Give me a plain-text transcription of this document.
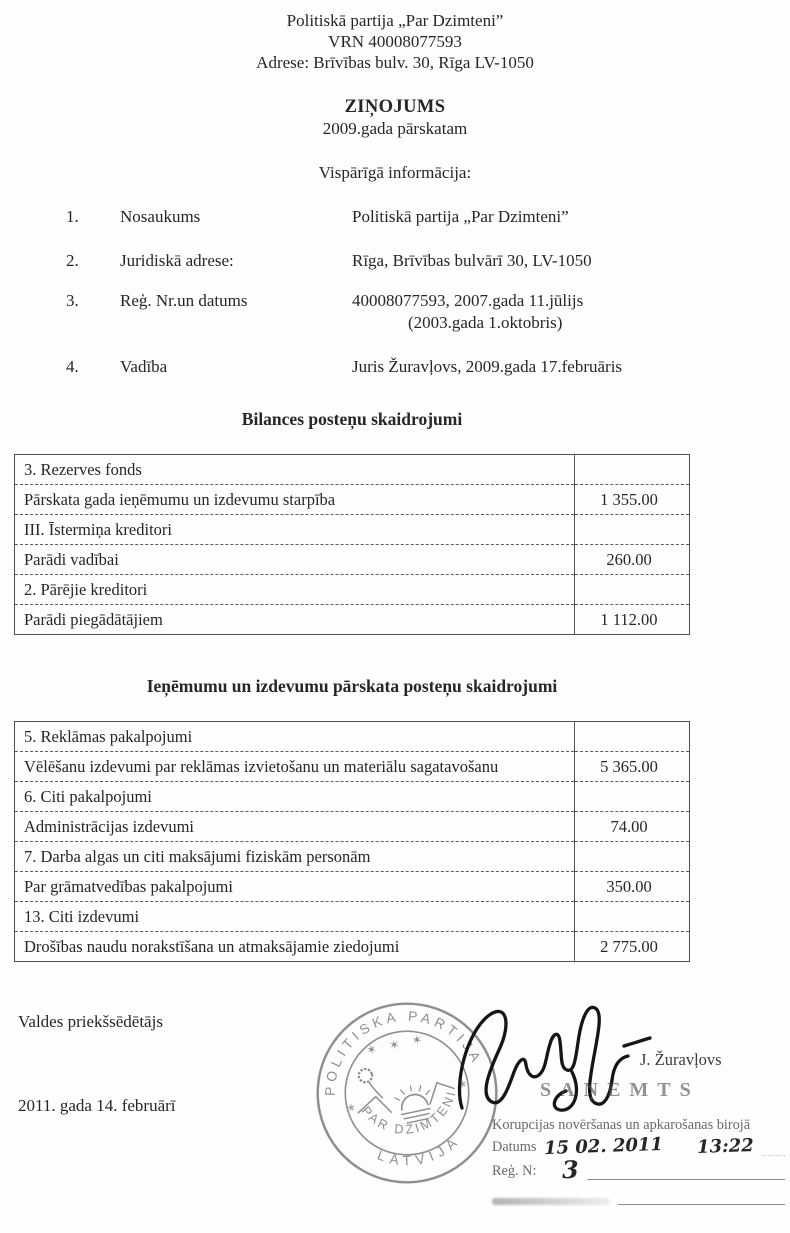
Politiskā partija „Par Dzimteni”
VRN 40008077593
Adrese: Brīvības bulv. 30, Rīga LV-1050
ZIŅOJUMS
2009.gada pārskatam
Vispārīgā informācija:
1.	Nosaukums	Politiskā partija „Par Dzimteni”
2.	Juridiskā adrese:	Rīga, Brīvības bulvārī 30, LV-1050
3.	Reģ. Nr.un datums	40008077593, 2007.gada 11.jūlijs
(2003.gada 1.oktobris)
4.	Vadība	Juris Žuravļovs, 2009.gada 17.februāris
Bilances posteņu skaidrojumi
3. Rezerves fonds	
Pārskata gada ieņēmumu un izdevumu starpība	1 355.00
III. Īstermiņa kreditori	
Parādi vadībai	260.00
2. Pārējie kreditori	
Parādi piegādātājiem	1 112.00
Ieņēmumu un izdevumu pārskata posteņu skaidrojumi
5. Reklāmas pakalpojumi	
Vēlēšanu izdevumi par reklāmas izvietošanu un materiālu sagatavošanu	5 365.00
6. Citi pakalpojumi	
Administrācijas izdevumi	74.00
7. Darba algas un citi maksājumi fiziskām personām	
Par grāmatvedības pakalpojumi	350.00
13. Citi izdevumi	
Drošības naudu norakstīšana un atmaksājamie ziedojumi	2 775.00
Valdes priekšsēdētājs
2011. gada 14. februārī
✶ ✶ ✶
*
*
POLITISKA PARTIJA
LATVIJA
PAR DZIMTENI
J. Žuravļovs
SAŅEMTS
Korupcijas novēršanas un apkarošanas birojā
Datums 15 02. 2011 13:22
Reģ. N: 3
